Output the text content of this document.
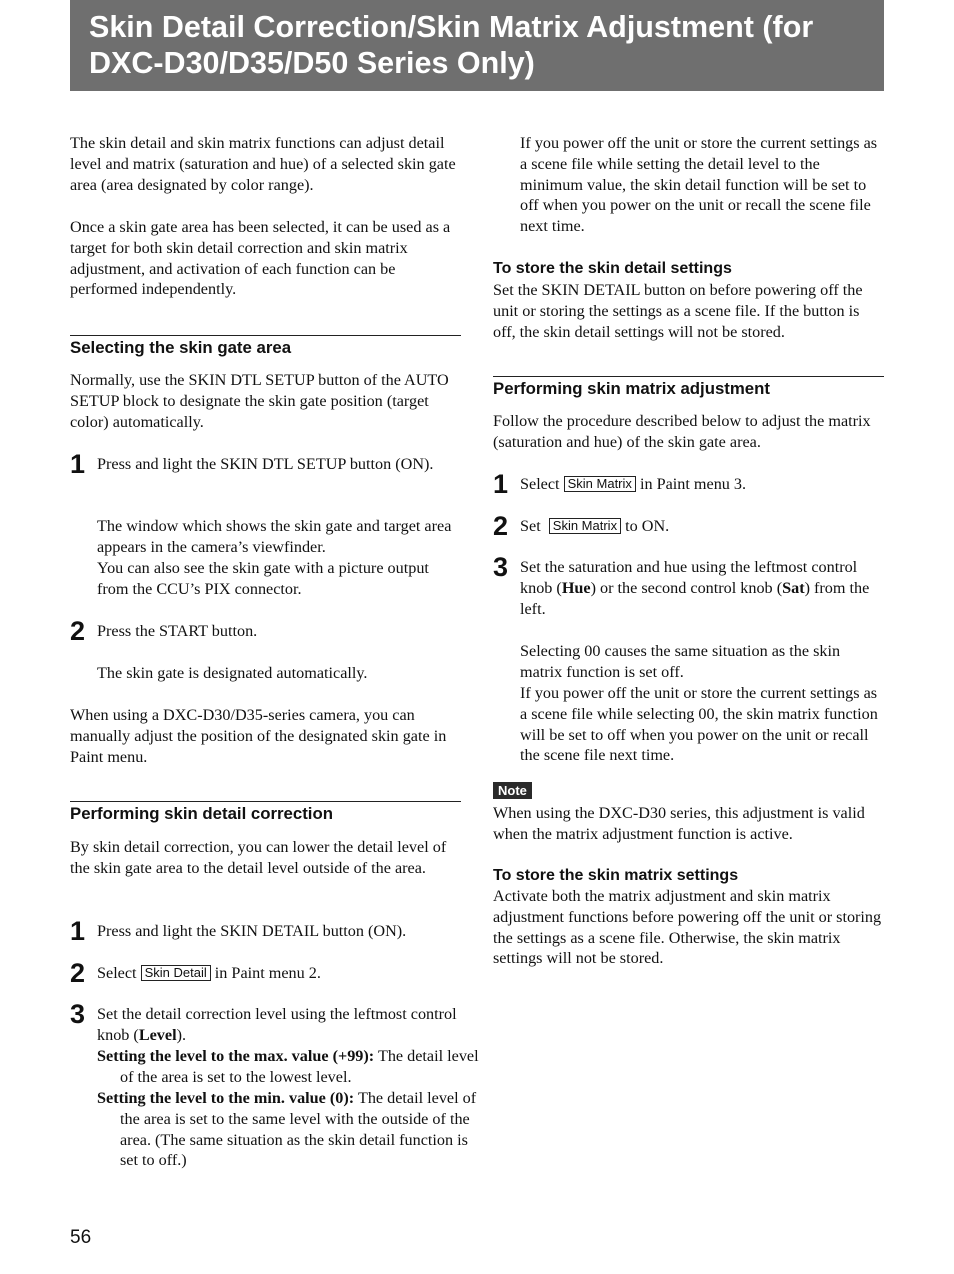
Skin Detail Correction/Skin Matrix Adjustment (for DXC-D30/D35/D50 Series Only)

The skin detail and skin matrix functions can adjust detail level and matrix (saturation and hue) of a selected skin gate area (area designated by color range).

Once a skin gate area has been selected, it can be used as a target for both skin detail correction and skin matrix adjustment, and activation of each function can be performed independently.

Selecting the skin gate area

Normally, use the SKIN DTL SETUP button of the AUTO SETUP block to designate the skin gate position (target color) automatically.

1 Press and light the SKIN DTL SETUP button (ON).

The window which shows the skin gate and target area appears in the camera’s viewfinder.

You can also see the skin gate with a picture output from the CCU’s PIX connector.

2 Press the START button.

The skin gate is designated automatically.

When using a DXC-D30/D35-series camera, you can manually adjust the position of the designated skin gate in Paint menu.

Performing skin detail correction

By skin detail correction, you can lower the detail level of the skin gate area to the detail level outside of the area.

1 Press and light the SKIN DETAIL button (ON).

2 Select Skin Detail in Paint menu 2.

3 Set the detail correction level using the leftmost control knob (Level).

Setting the level to the max. value (+99): The detail level of the area is set to the lowest level.

Setting the level to the min. value (0): The detail level of the area is set to the same level with the outside of the area. (The same situation as the skin detail function is set to off.)

If you power off the unit or store the current settings as a scene file while setting the detail level to the minimum value, the skin detail function will be set to off when you power on the unit or recall the scene file next time.

To store the skin detail settings

Set the SKIN DETAIL button on before powering off the unit or storing the settings as a scene file. If the button is off, the skin detail settings will not be stored.

Performing skin matrix adjustment

Follow the procedure described below to adjust the matrix (saturation and hue) of the skin gate area.

1 Select Skin Matrix in Paint menu 3.

2 Set Skin Matrix to ON.

3 Set the saturation and hue using the leftmost control knob (Hue) or the second control knob (Sat) from the left.

Selecting 00 causes the same situation as the skin matrix function is set off.

If you power off the unit or store the current settings as a scene file while selecting 00, the skin matrix function will be set to off when you power on the unit or recall the scene file next time.

Note

When using the DXC-D30 series, this adjustment is valid when the matrix adjustment function is active.

To store the skin matrix settings

Activate both the matrix adjustment and skin matrix adjustment functions before powering off the unit or storing the settings as a scene file. Otherwise, the skin matrix settings will not be stored.

56
